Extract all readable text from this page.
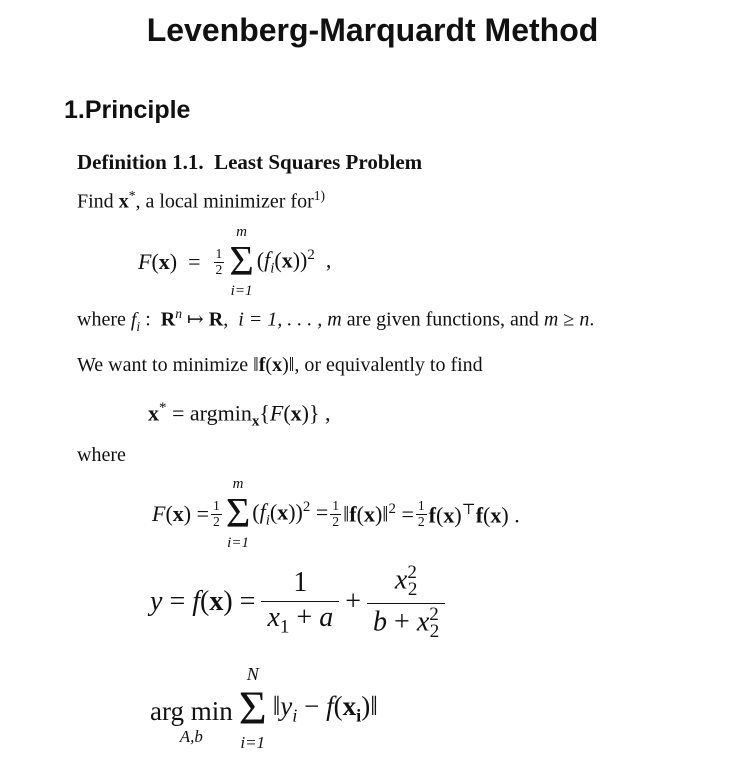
Levenberg-Marquardt Method
1.Principle
Definition 1.1. Least Squares Problem
Find x*, a local minimizer for$^{1)}$
$F(x) = \frac{1}{2}$
m
Σ
i=1
$(f_i(x))^2$  ,
where $f_i$ :  $R^n$ ↦ R,  i = 1, . . . , m are given functions, and m ≥ n.
We want to minimize ‖f(x)‖, or equivalently to find
x* = argmin$_x${F(x)} ,
where
$F(x) = \frac{1}{2}$
m
Σ
i=1
$(f_i(x))^2 = \frac{1}{2}$ ‖f(x)‖$^2$ = $\frac{1}{2} f(x)^⊤f(x)$ .
$y = f(x) = \frac{1}{x_1 + a} + \frac{x^2_2}{b + x^2_2}$
arg min
A,b
N
Σ
i=1
$‖y_i$ − $f(x_i)‖$
